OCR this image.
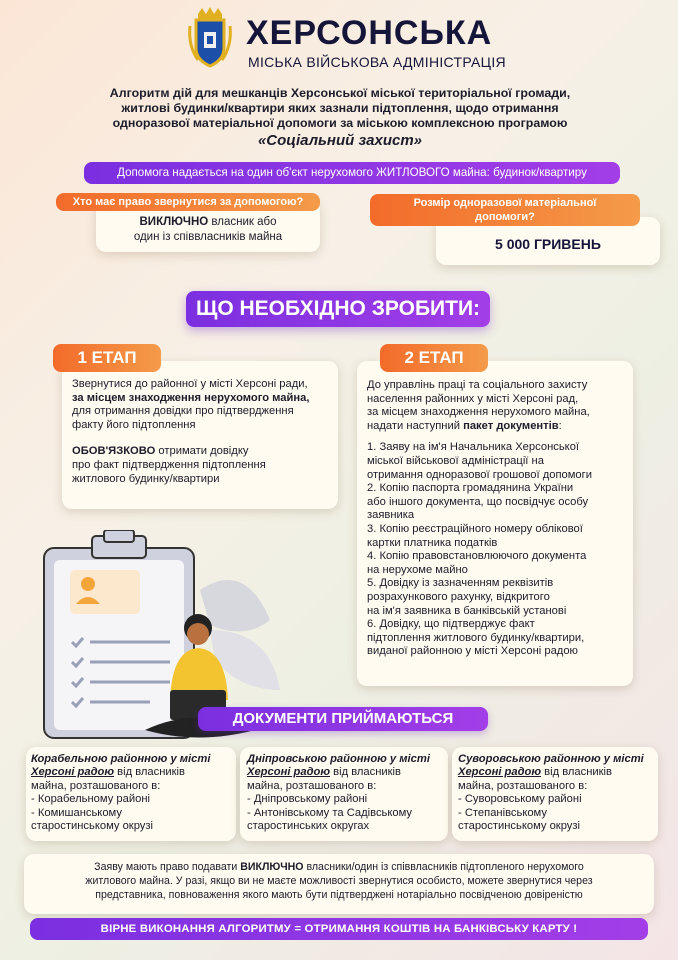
ХЕРСОНСЬКА
МІСЬКА ВІЙСЬКОВА АДМІНІСТРАЦІЯ
Алгоритм дій для мешканців Херсонської міської територіальної громади,
житлові будинки/квартири яких зазнали підтоплення, щодо отримання
одноразової матеріальної допомоги за міською комплексною програмою
«Соціальний захист»
Допомога надається на один об'єкт нерухомого ЖИТЛОВОГО майна: будинок/квартиру
Хто має право звернутися за допомогою?
ВИКЛЮЧНО власник або
один із співвласників майна
Розмір одноразової матеріальної
допомоги?
5 000 ГРИВЕНЬ
ЩО НЕОБХІДНО ЗРОБИТИ:
1 ЕТАП
Звернутися до районної у місті Херсоні ради,
за місцем знаходження нерухомого майна,
для отримання довідки про підтвердження
факту його підтоплення
ОБОВ'ЯЗКОВО отримати довідку
про факт підтвердження підтоплення
житлового будинку/квартири
2 ЕТАП
До управлінь праці та соціального захисту
населення районних у місті Херсоні рад,
за місцем знаходження нерухомого майна,
надати наступний пакет документів:
1. Заяву на ім'я Начальника Херсонської
міської військової адміністрації на
отримання одноразової грошової допомоги
2. Копію паспорта громадянина України
або іншого документа, що посвідчує особу
заявника
3. Копію реєстраційного номеру облікової
картки платника податків
4. Копію правовстановлюючого документа
на нерухоме майно
5. Довідку із зазначенням реквізитів
розрахункового рахунку, відкритого
на ім'я заявника в банківській установі
6. Довідку, що підтверджує факт
підтоплення житлового будинку/квартири,
виданої районною у місті Херсоні радою
ДОКУМЕНТИ ПРИЙМАЮТЬСЯ
Корабельною районною у місті
Херсоні радою від власників
майна, розташованого в:
- Корабельному районі
- Комишанському
старостинському окрузі
Дніпровською районною у місті
Херсоні радою від власників
майна, розташованого в:
- Дніпровському районі
- Антонівському та Садівському
старостинських округах
Суворовською районною у місті
Херсоні радою від власників
майна, розташованого в:
- Суворовському районі
- Степанівському
старостинському окрузі
Заяву мають право подавати ВИКЛЮЧНО власники/один із співвласників підтопленого нерухомого
житлового майна. У разі, якщо ви не маєте можливості звернутися особисто, можете звернутися через
представника, повноваження якого мають бути підтверджені нотаріально посвідченою довіреністю
ВІРНЕ ВИКОНАННЯ АЛГОРИТМУ = ОТРИМАННЯ КОШТІВ НА БАНКІВСЬКУ КАРТУ !
